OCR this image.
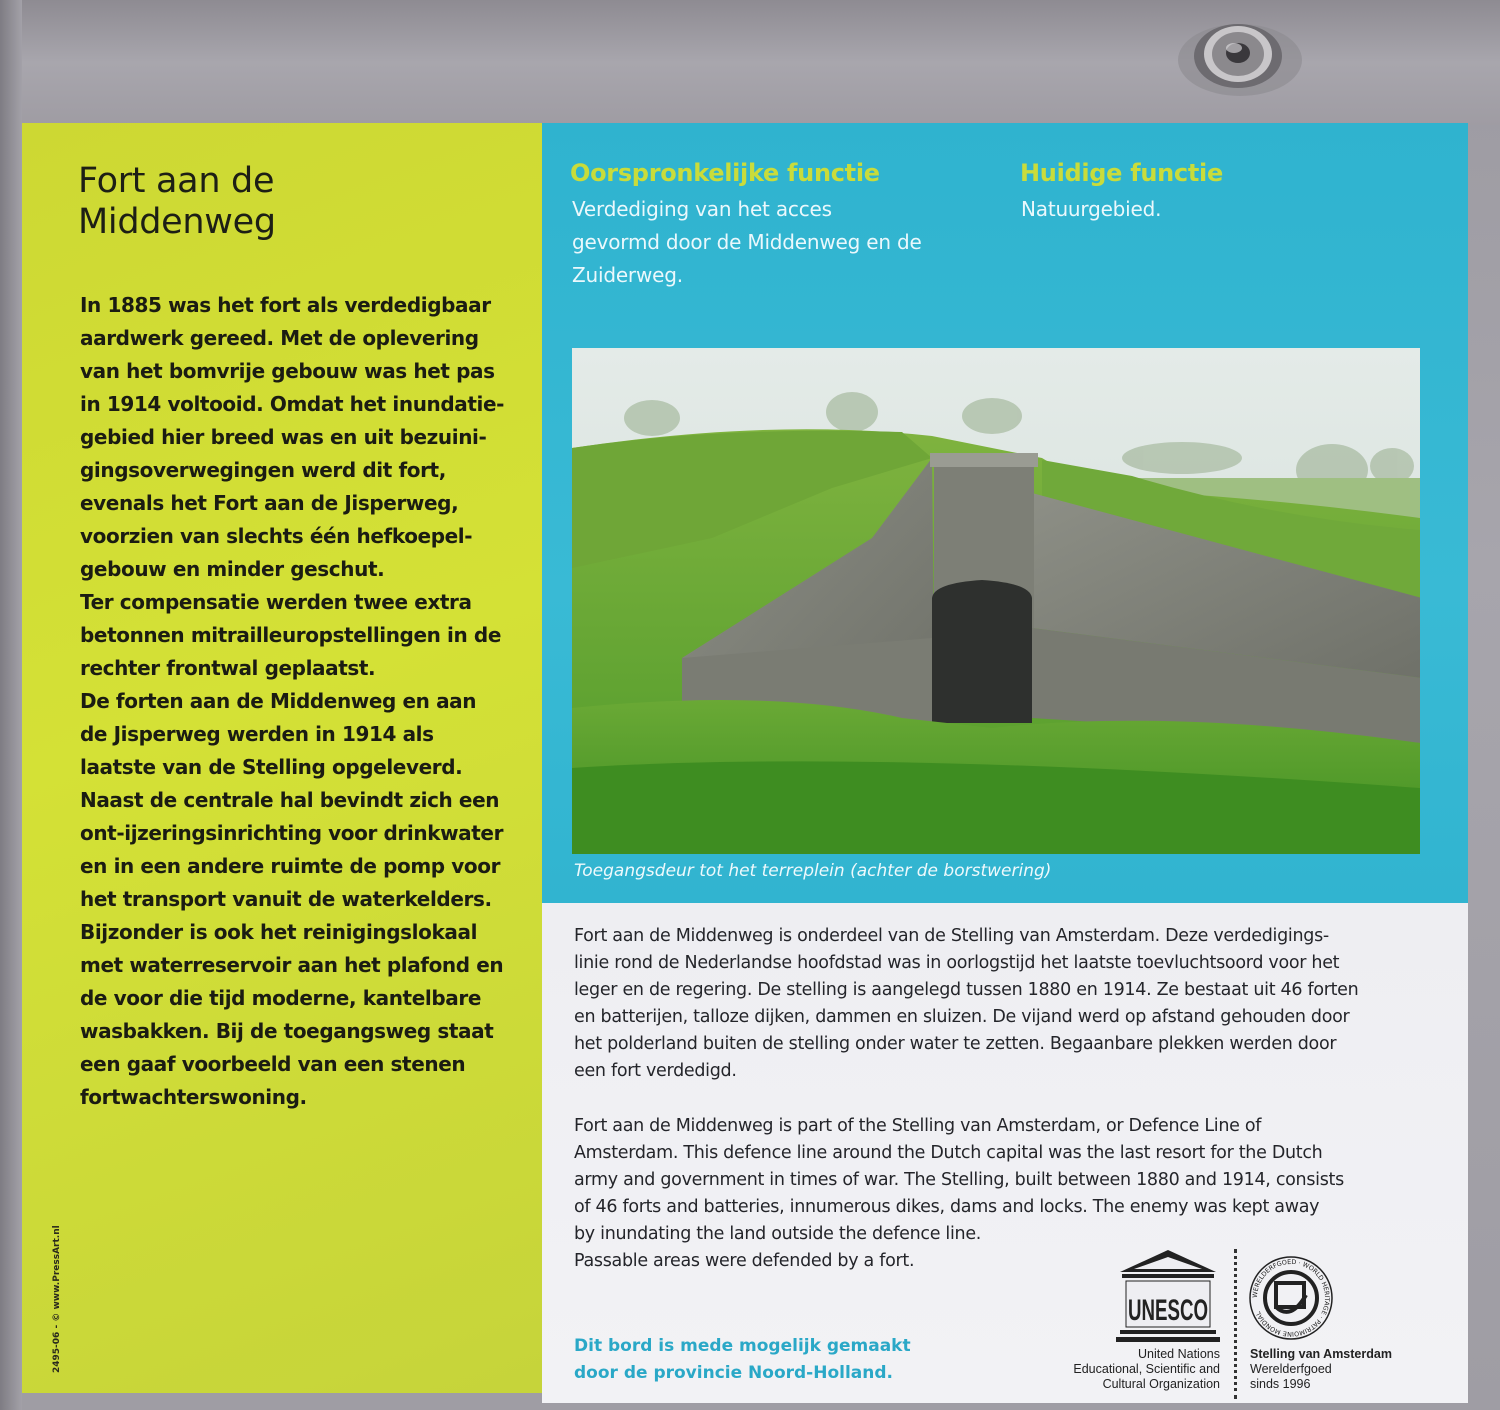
Fort aan de
Middenweg

In 1885 was het fort als verdedigbaar
aardwerk gereed. Met de oplevering
van het bomvrije gebouw was het pas
in 1914 voltooid. Omdat het inundatie-
gebied hier breed was en uit bezuini-
gingsoverwegingen werd dit fort,
evenals het Fort aan de Jisperweg,
voorzien van slechts één hefkoepel-
gebouw en minder geschut.
Ter compensatie werden twee extra
betonnen mitrailleuropstellingen in de
rechter frontwal geplaatst.
De forten aan de Middenweg en aan
de Jisperweg werden in 1914 als
laatste van de Stelling opgeleverd.
Naast de centrale hal bevindt zich een
ont-ijzeringsinrichting voor drinkwater
en in een andere ruimte de pomp voor
het transport vanuit de waterkelders.
Bijzonder is ook het reinigingslokaal
met waterreservoir aan het plafond en
de voor die tijd moderne, kantelbare
wasbakken. Bij de toegangsweg staat
een gaaf voorbeeld van een stenen
fortwachterswoning.

2495-06 - © www.PressArt.nl
Oorspronkelijke functie
Verdediging van het acces
gevormd door de Middenweg en de
Zuiderweg.
Huidige functie
Natuurgebied.
Toegangsdeur tot het terreplein (achter de borstwering)

Fort aan de Middenweg is onderdeel van de Stelling van Amsterdam. Deze verdedigings-
linie rond de Nederlandse hoofdstad was in oorlogstijd het laatste toevluchtsoord voor het
leger en de regering. De stelling is aangelegd tussen 1880 en 1914. Ze bestaat uit 46 forten
en batterijen, talloze dijken, dammen en sluizen. De vijand werd op afstand gehouden door
het polderland buiten de stelling onder water te zetten. Begaanbare plekken werden door
een fort verdedigd.

Fort aan de Middenweg is part of the Stelling van Amsterdam, or Defence Line of
Amsterdam. This defence line around the Dutch capital was the last resort for the Dutch
army and government in times of war. The Stelling, built between 1880 and 1914, consists
of 46 forts and batteries, innumerous dikes, dams and locks. The enemy was kept away
by inundating the land outside the defence line.
Passable areas were defended by a fort.

Dit bord is mede mogelijk gemaakt
door de provincie Noord-Holland.
UNESCO
United Nations
Educational, Scientific and
Cultural Organization
WERELDERFGOED · WORLD HERITAGE · PATRIMOINE MONDIAL
Stelling van Amsterdam
Werelderfgoed
sinds 1996
